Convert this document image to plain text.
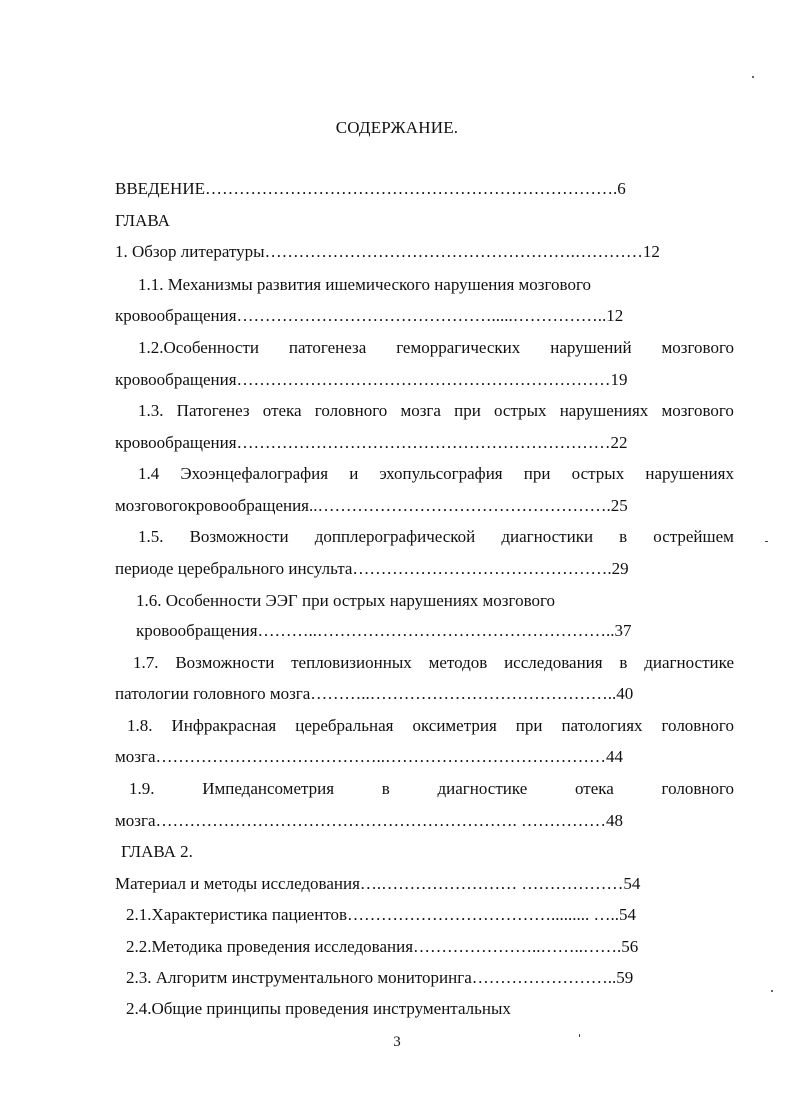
СОДЕРЖАНИЕ.
ВВЕДЕНИЕ……………………………………………………………….6
ГЛАВА
1. Обзор литературы……………………………………………….…………12
1.1. Механизмы развития ишемического нарушения мозгового
кровообращения……………………………………….....……………..12
1.2.Особенности патогенеза геморрагических нарушений мозгового
кровообращения…………………………………………………………19
1.3. Патогенез отека головного мозга при острых нарушениях мозгового
кровообращения…………………………………………………………22
1.4 Эхоэнцефалография и эхопульсография при острых нарушениях
мозговогокровообращения..…………………………………………….25
1.5. Возможности допплерографической диагностики в острейшем
периоде церебрального инсульта……………………………………….29
1.6. Особенности ЭЭГ при острых нарушениях мозгового
кровообращения………..……………………………………………..37
1.7. Возможности тепловизионных методов исследования в диагностике
патологии головного мозга………..……………………………………..40
1.8. Инфракрасная церебральная оксиметрия при патологиях головного
мозга…………………………………..…………………………………44
1.9.	Импедансометрия	в	диагностике	отека	головного
мозга………………………………………………………. ……………48
ГЛАВА 2.
Материал и методы исследования….…………………… ………………54
2.1.Характеристика пациентов………………………………......... …..54
2.2.Методика проведения исследования…………………..……..…….56
2.3. Алгоритм инструментального мониторинга……………………..59
2.4.Общие принципы проведения инструментальных
3
